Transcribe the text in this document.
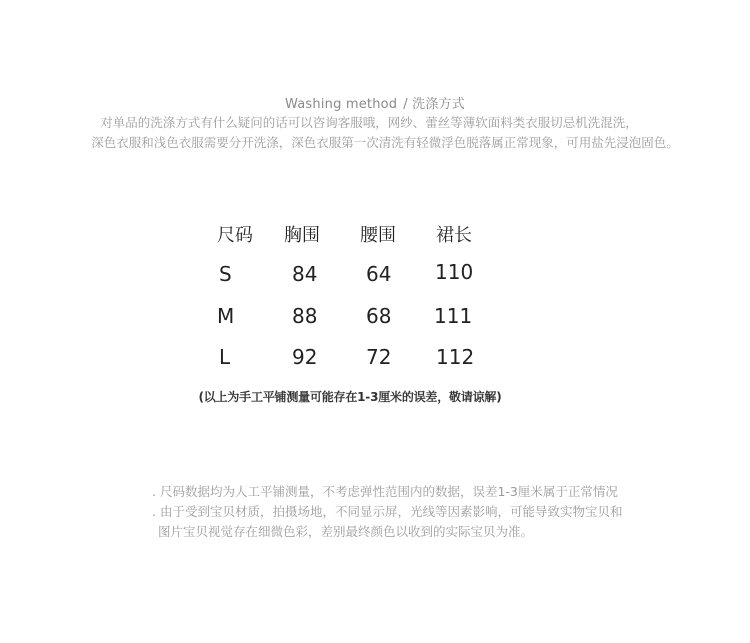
Washing method / 洗涤方式
对单品的洗涤方式有什么疑问的话可以咨询客服哦，网纱、蕾丝等薄软面料类衣服切忌机洗混洗，
深色衣服和浅色衣服需要分开洗涤，深色衣服第一次清洗有轻微浮色脱落属正常现象，可用盐先浸泡固色。
尺码 胸围 腰围 裙长
S	84 64 110
M	88 68 111
L	92 72 112
(以上为手工平铺测量可能存在1-3厘米的误差，敬请谅解)
. 尺码数据均为人工平铺测量，不考虑弹性范围内的数据，误差1-3厘米属于正常情况
. 由于受到宝贝材质，拍摄场地，不同显示屏，光线等因素影响，可能导致实物宝贝和
图片宝贝视觉存在细微色彩，差别最终颜色以收到的实际宝贝为准。
